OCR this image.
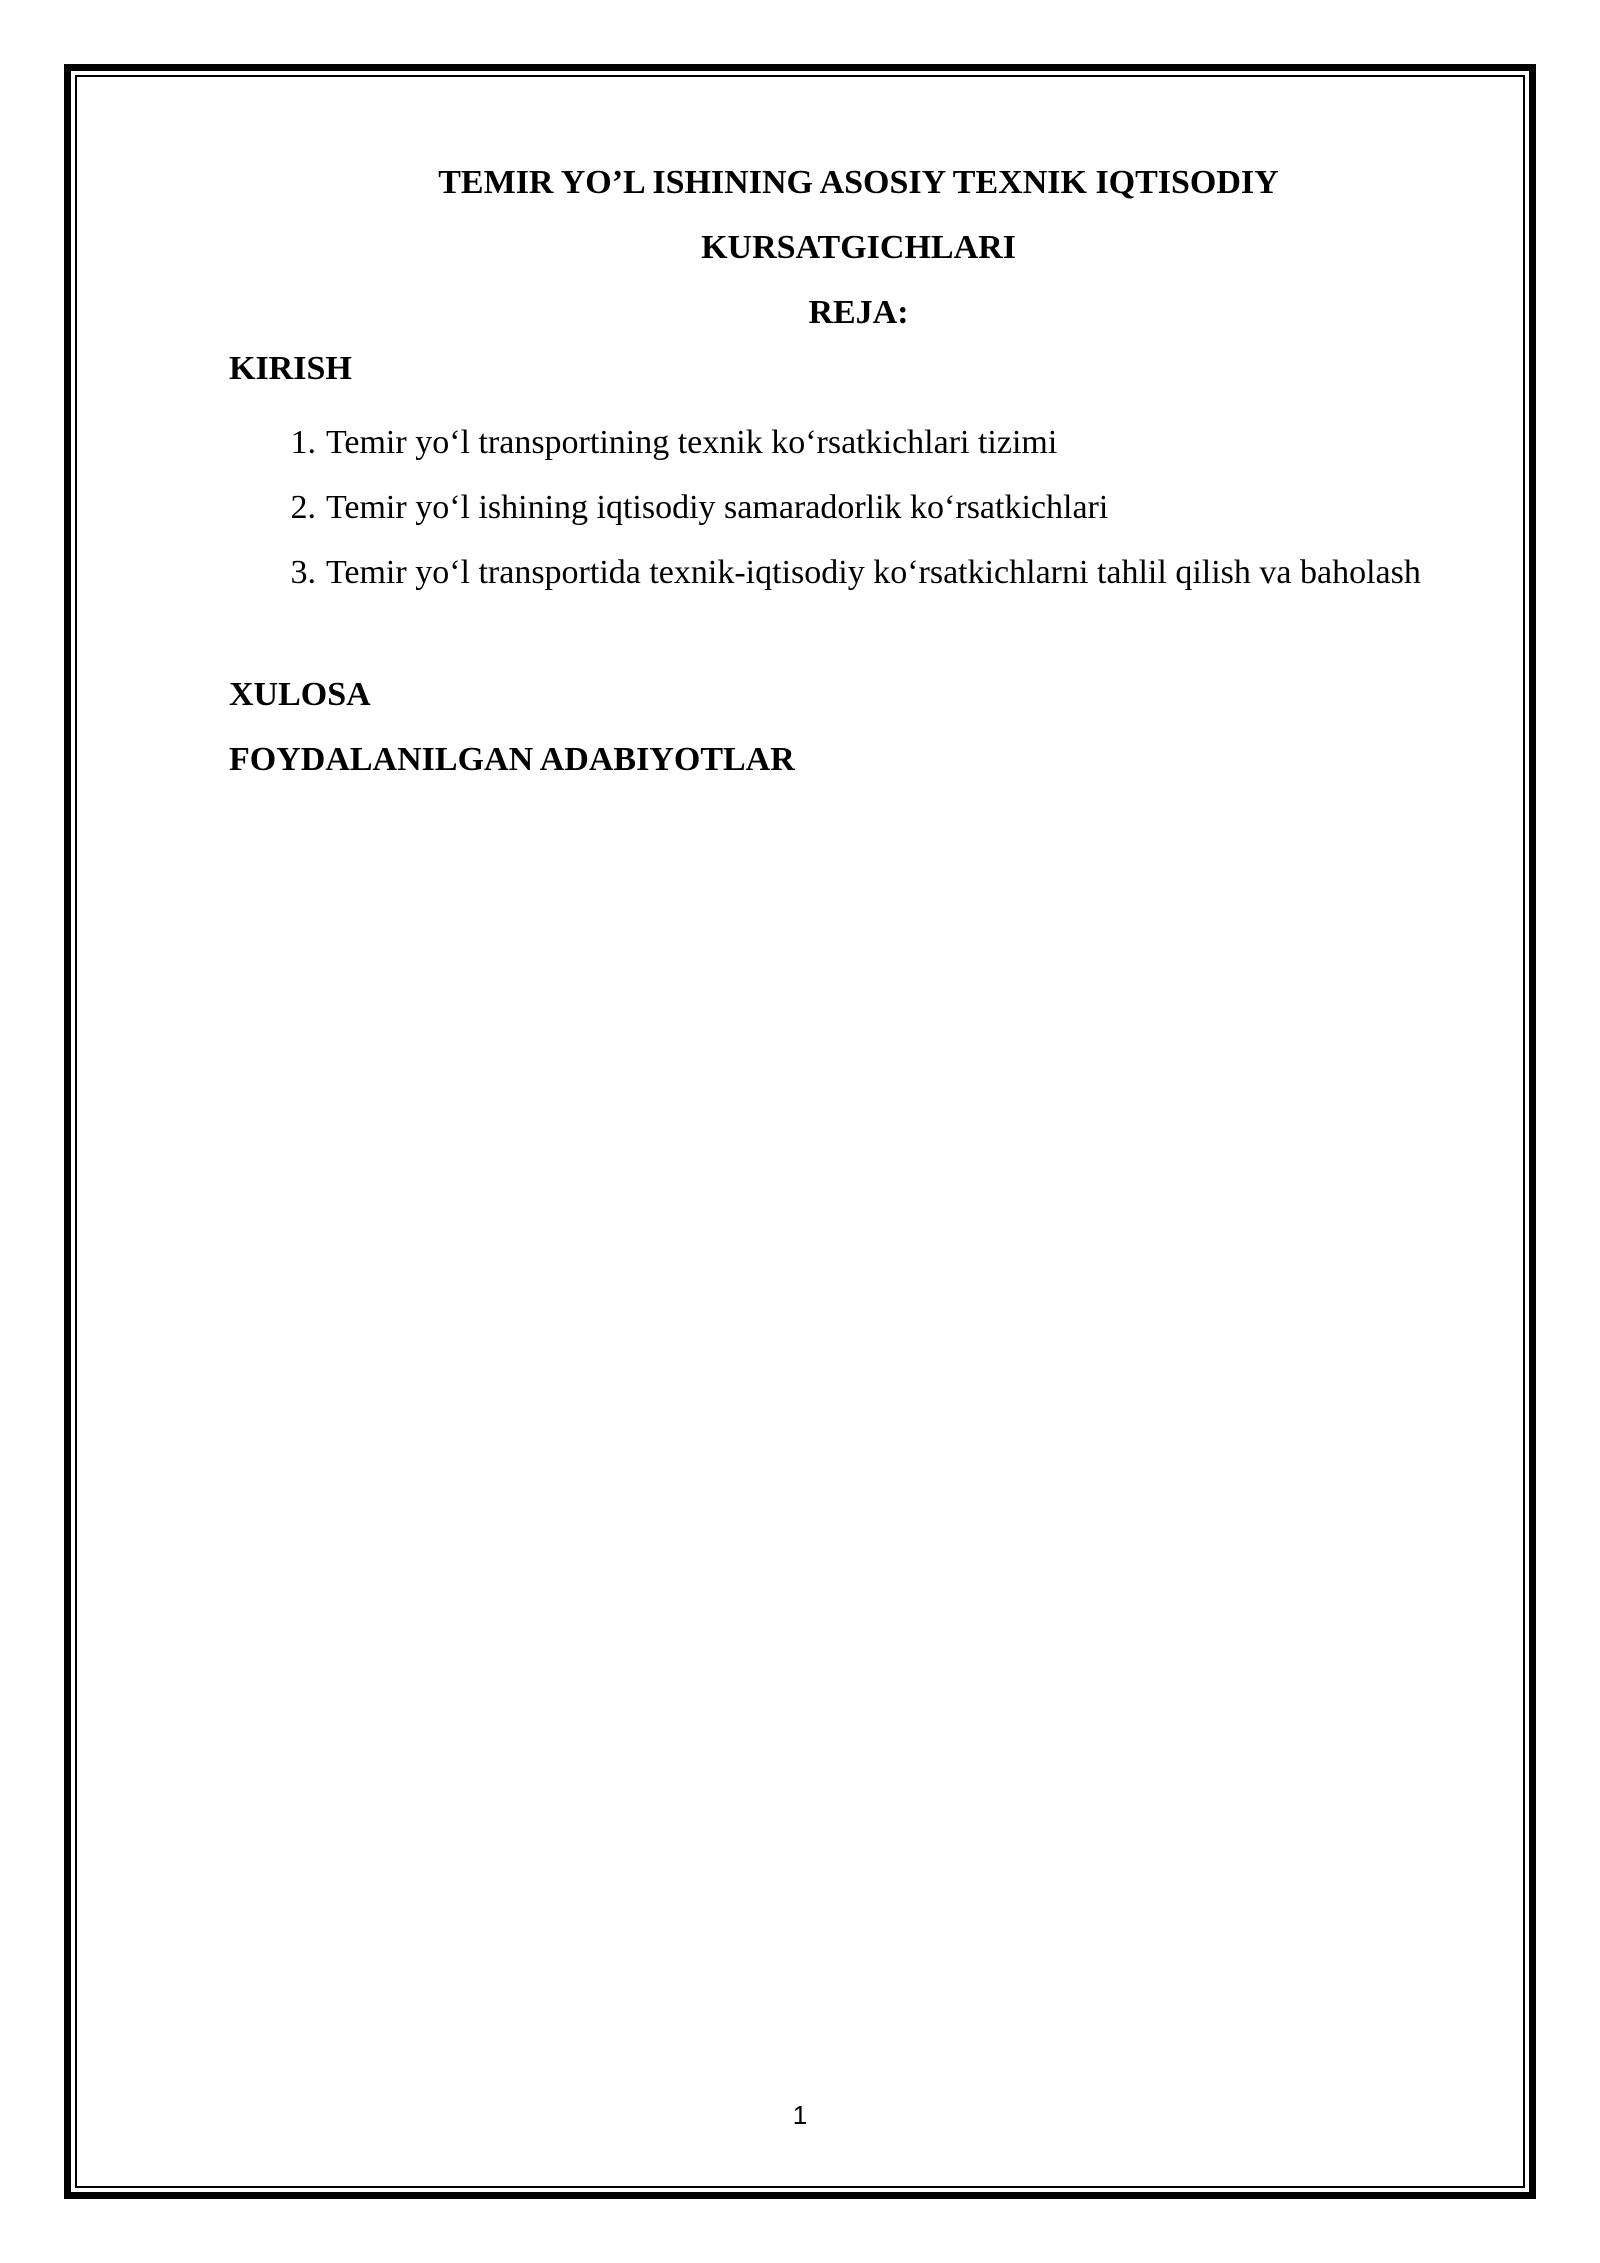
TEMIR YO’L ISHINING ASOSIY TEXNIK IQTISODIY

KURSATGICHLARI

REJA:

KIRISH

1. Temir yo‘l transportining texnik ko‘rsatkichlari tizimi
2. Temir yo‘l ishining iqtisodiy samaradorlik ko‘rsatkichlari
3. Temir yo‘l transportida texnik-iqtisodiy ko‘rsatkichlarni tahlil qilish va baholash

XULOSA

FOYDALANILGAN ADABIYOTLAR

1
